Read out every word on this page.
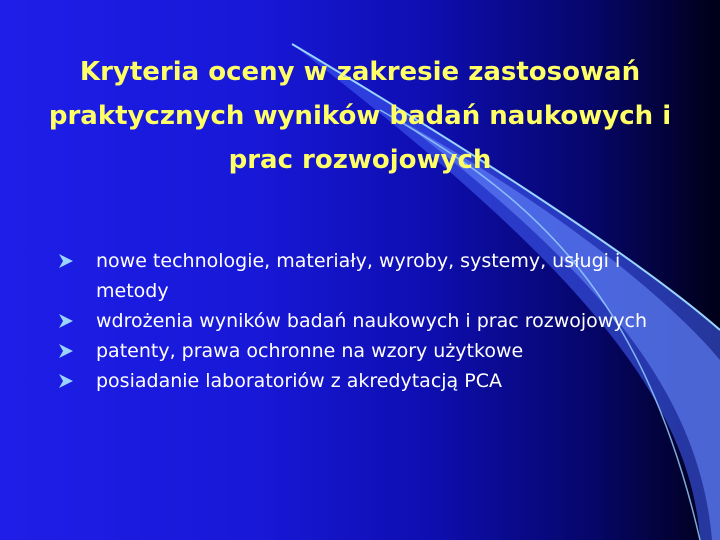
Kryteria oceny w zakresie zastosowań praktycznych wyników badań naukowych i prac rozwojowych
nowe technologie, materiały, wyroby, systemy, usługi i metody
wdrożenia wyników badań naukowych i prac rozwojowych
patenty, prawa ochronne na wzory użytkowe
posiadanie laboratoriów z akredytacją PCA
